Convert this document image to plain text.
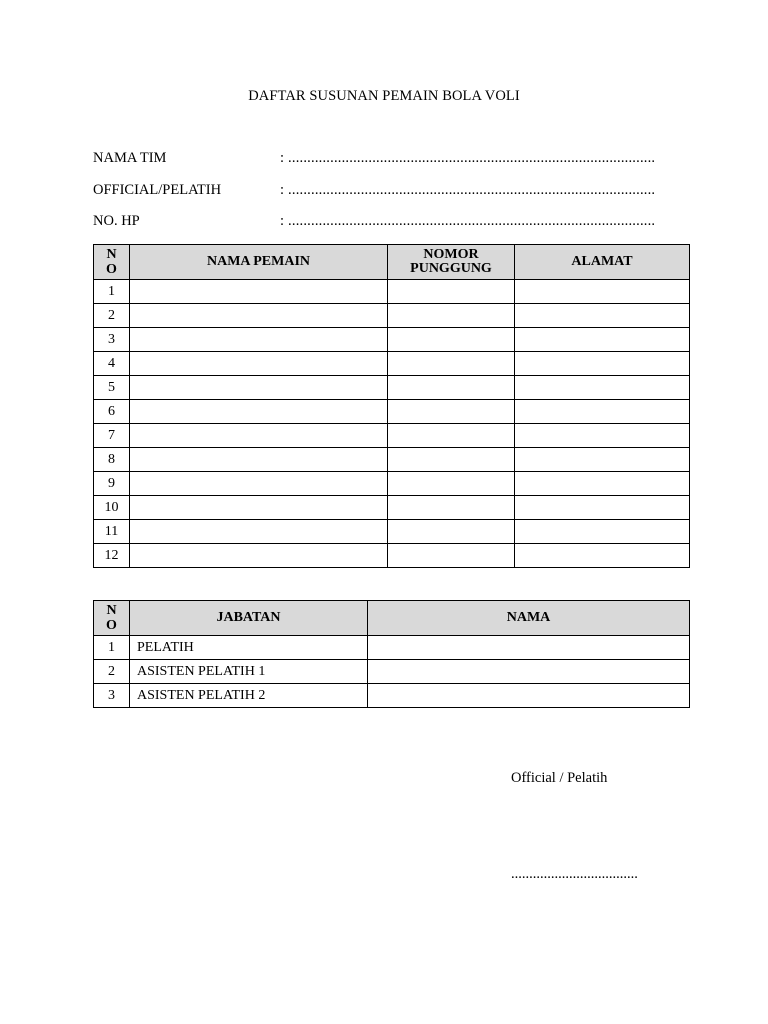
DAFTAR SUSUNAN PEMAIN BOLA VOLI
NAMA TIM	: ................................................................................................
OFFICIAL/PELATIH	: ................................................................................................
NO. HP	: ................................................................................................
N
O	NAMA PEMAIN	NOMOR PUNGGUNG	ALAMAT
1			
2			
3			
4			
5			
6			
7			
8			
9			
10			
11			
12			
N
O	JABATAN	NAMA
1	PELATIH	
2	ASISTEN PELATIH 1	
3	ASISTEN PELATIH 2	
Official / Pelatih
...................................
